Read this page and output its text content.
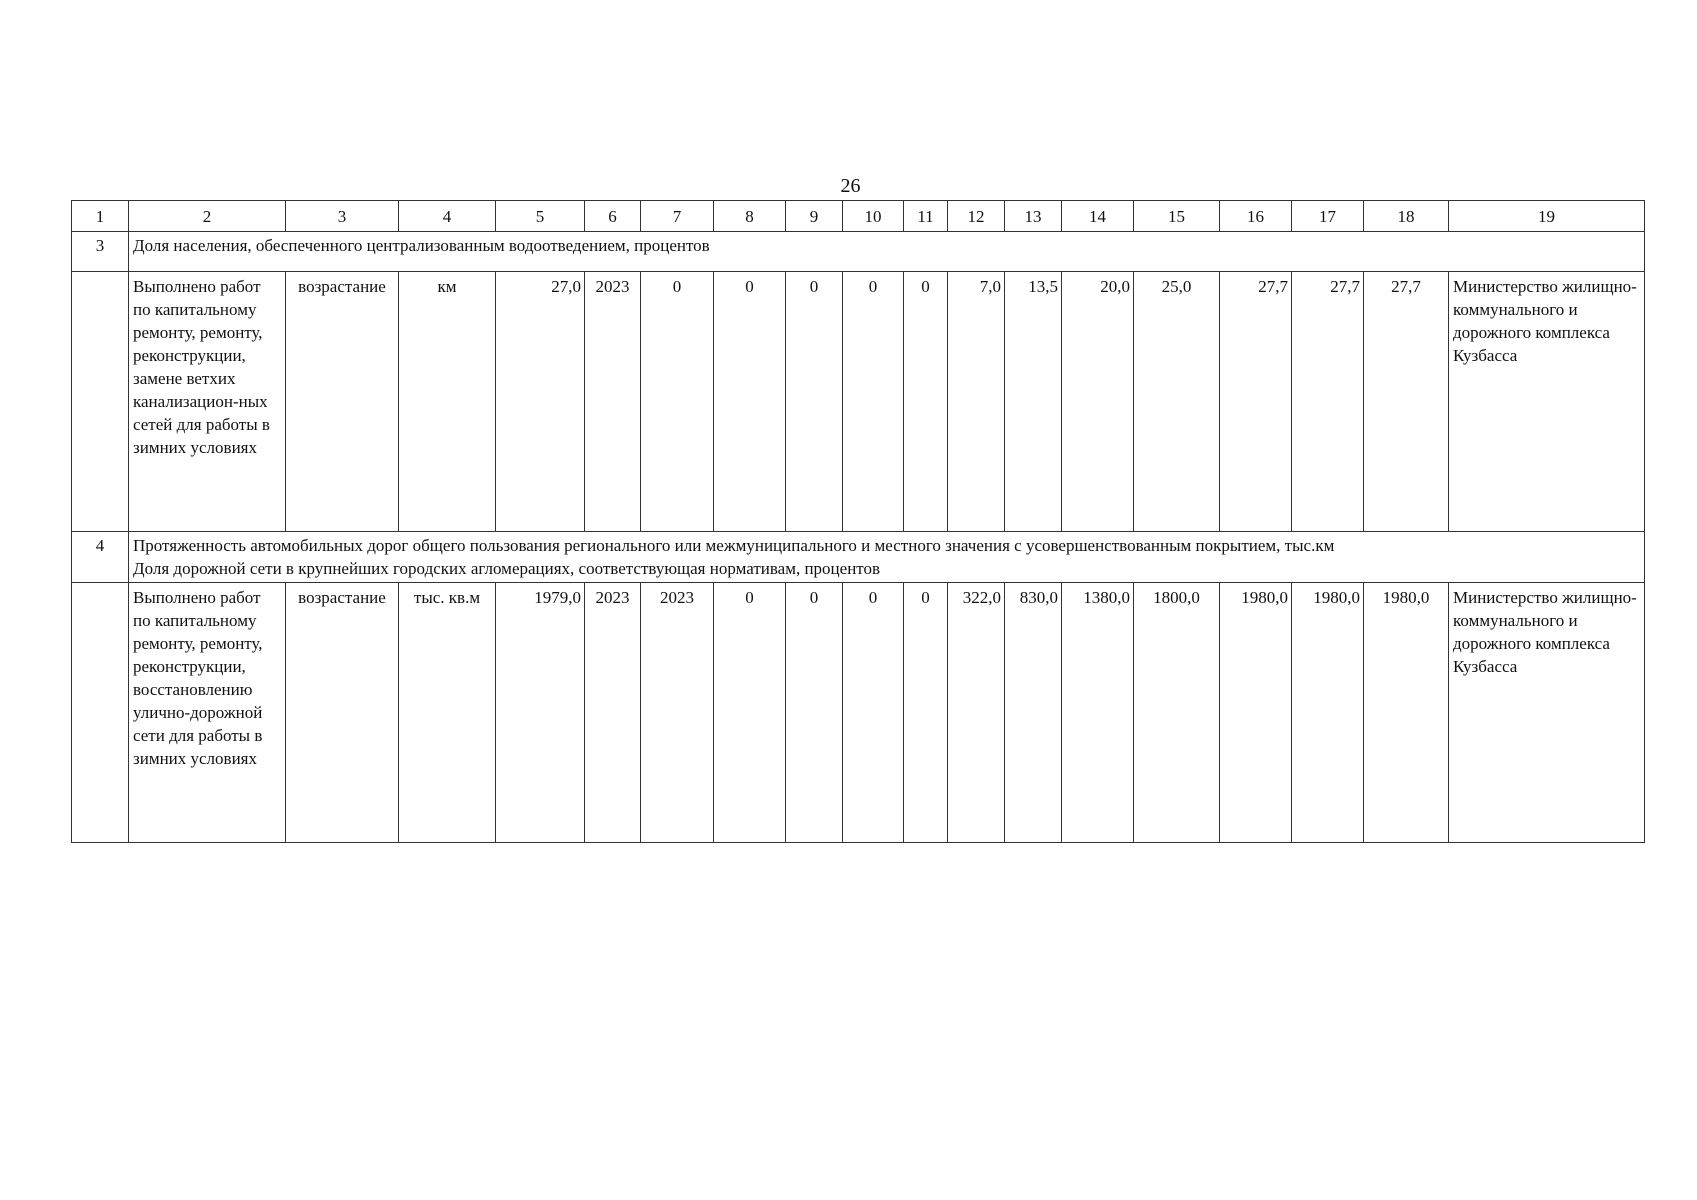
26
1	2	3	4	5	6	7	8	9	10	11	12	13	14	15	16	17	18	19
3	Доля населения, обеспеченного централизованным водоотведением, процентов																	
	Выполнено работ по капитальному ремонту, ремонту, реконструкции, замене ветхих канализацион-ных сетей для работы в зимних условиях	возрастание	км	27,0	2023	0	0	0	0	0	7,0	13,5	20,0	25,0	27,7	27,7	27,7	Министерство жилищно-коммунального и дорожного комплекса Кузбасса
4	Протяженность автомобильных дорог общего пользования регионального или межмуниципального и местного значения с усовершенствованным покрытием, тыс.км
Доля дорожной сети в крупнейших городских агломерациях, соответствующая нормативам, процентов																	

	Выполнено работ по капитальному ремонту, ремонту, реконструкции, восстановлению улично-дорожной сети для работы в зимних условиях	возрастание	тыс. кв.м	1979,0	2023	2023	0	0	0	0	322,0	830,0	1380,0	1800,0	1980,0	1980,0	1980,0	Министерство жилищно-коммунального и дорожного комплекса Кузбасса
